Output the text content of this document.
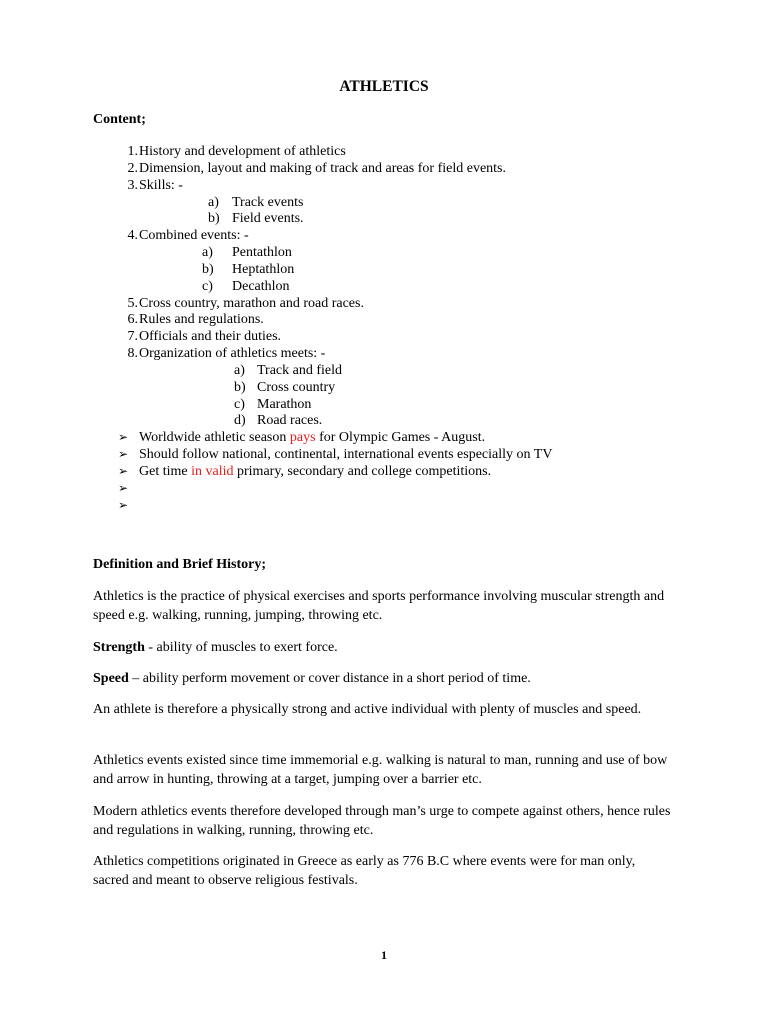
ATHLETICS
Content;
1. History and development of athletics
2. Dimension, layout and making of track and areas for field events.
3. Skills: -
a) Track events
b) Field events.
4. Combined events: -
a) Pentathlon
b) Heptathlon
c) Decathlon
5. Cross country, marathon and road races.
6. Rules and regulations.
7. Officials and their duties.
8. Organization of athletics meets: -
a) Track and field
b) Cross country
c) Marathon
d) Road races.
➢ Worldwide athletic season pays for Olympic Games - August.
➢ Should follow national, continental, international events especially on TV
➢ Get time in valid primary, secondary and college competitions.
➢
➢
Definition and Brief History;
Athletics is the practice of physical exercises and sports performance involving muscular strength and speed e.g. walking, running, jumping, throwing etc.
Strength - ability of muscles to exert force.
Speed – ability perform movement or cover distance in a short period of time.
An athlete is therefore a physically strong and active individual with plenty of muscles and speed.
Athletics events existed since time immemorial e.g. walking is natural to man, running and use of bow and arrow in hunting, throwing at a target, jumping over a barrier etc.
Modern athletics events therefore developed through man’s urge to compete against others, hence rules and regulations in walking, running, throwing etc.
Athletics competitions originated in Greece as early as 776 B.C where events were for man only, sacred and meant to observe religious festivals.
1
